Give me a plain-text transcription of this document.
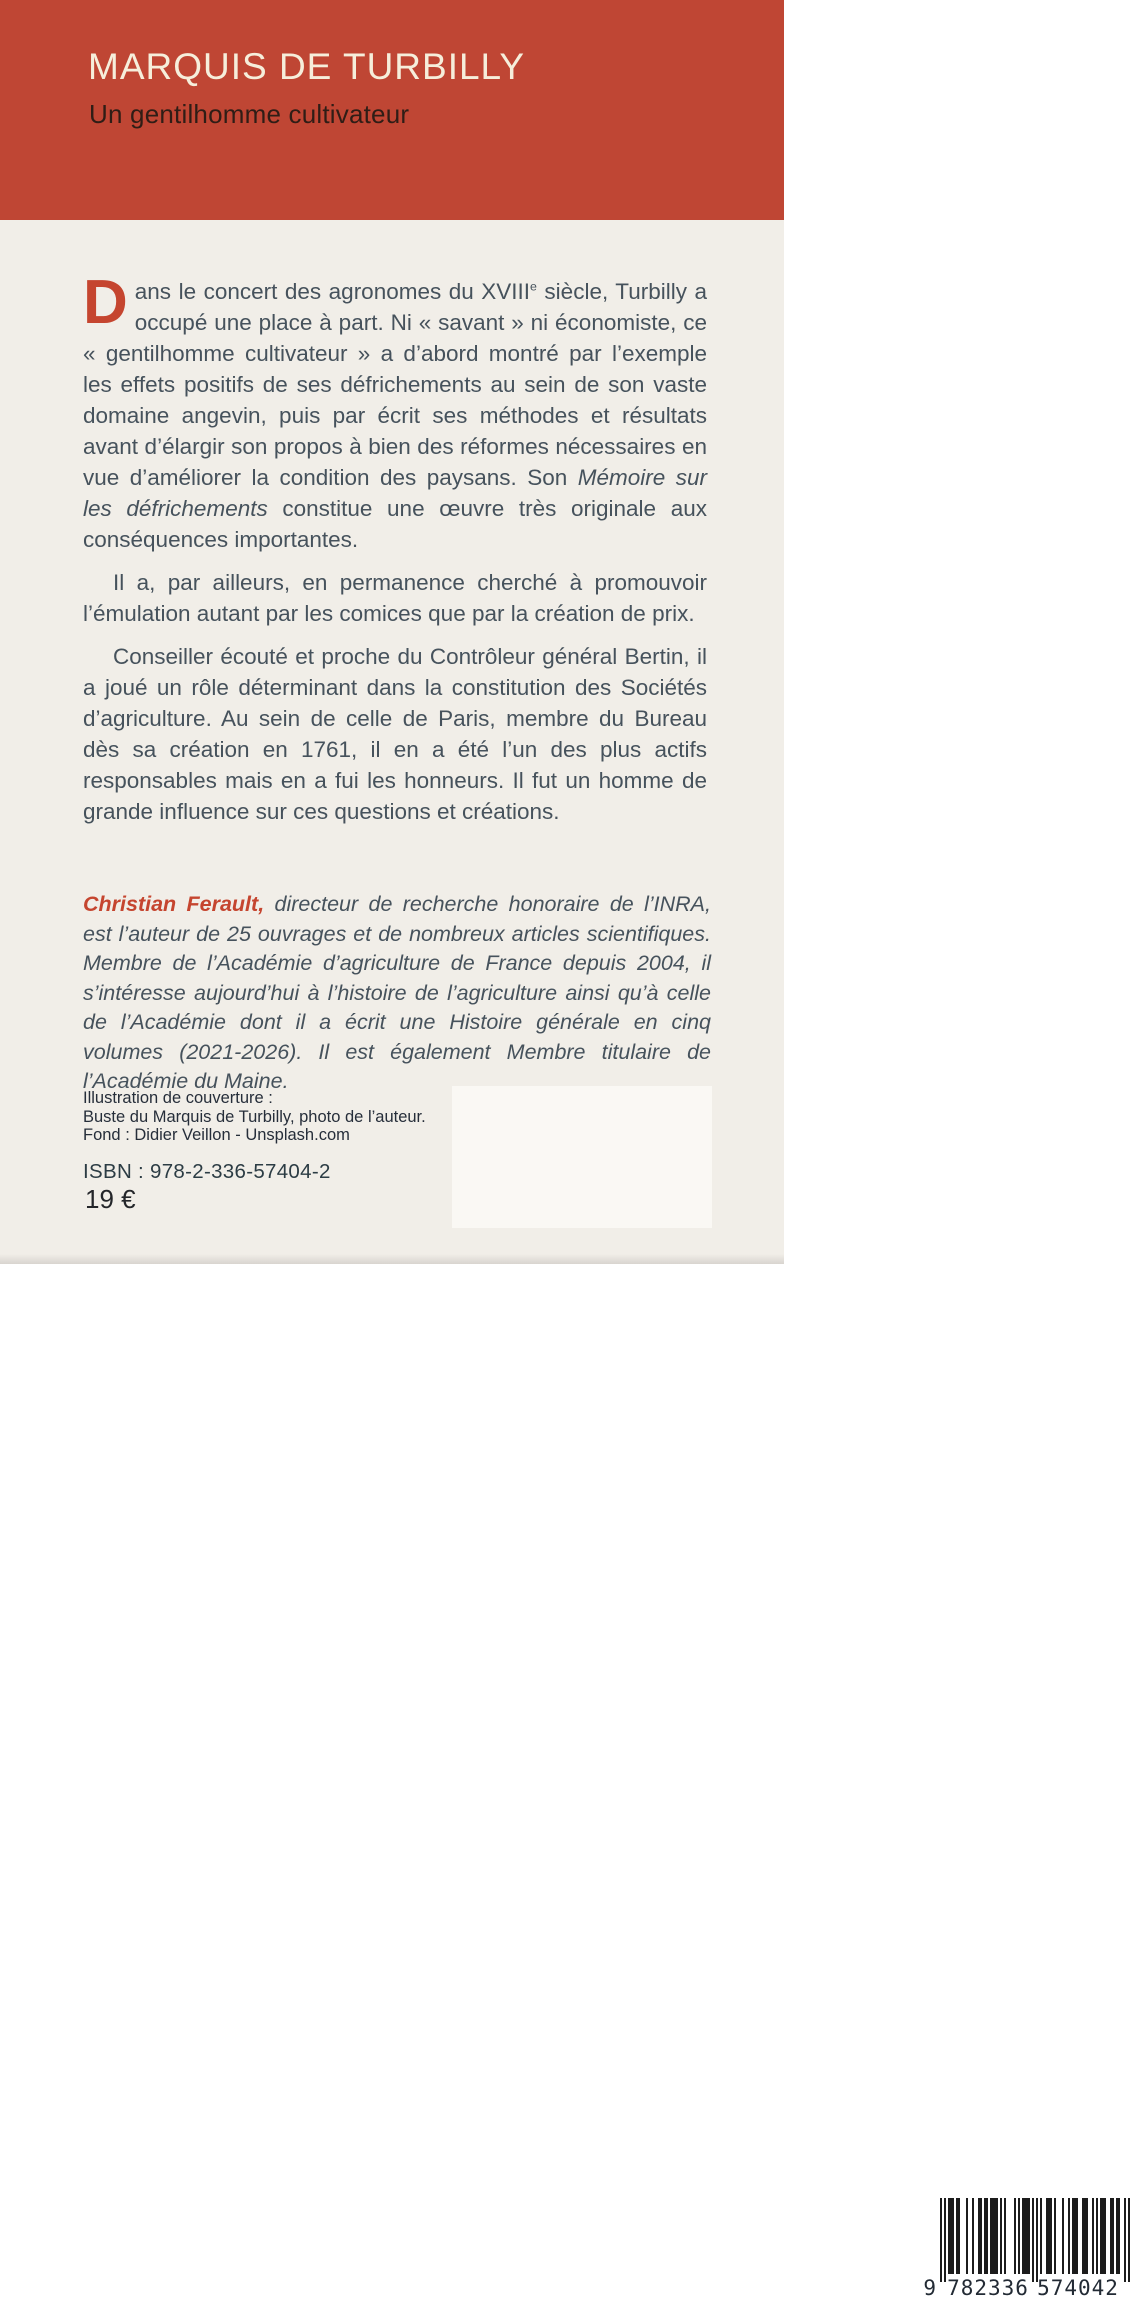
MARQUIS DE TURBILLY
Un gentilhomme cultivateur

Dans le concert des agronomes du XVIIIe siècle, Turbilly a occupé une place à part. Ni « savant » ni économiste, ce « gentilhomme cultivateur » a d’abord montré par l’exemple les effets positifs de ses défrichements au sein de son vaste domaine angevin, puis par écrit ses méthodes et résultats avant d’élargir son propos à bien des réformes nécessaires en vue d’améliorer la condition des paysans. Son Mémoire sur les défrichements constitue une œuvre très originale aux conséquences importantes.

Il a, par ailleurs, en permanence cherché à promouvoir l’émulation autant par les comices que par la création de prix.

Conseiller écouté et proche du Contrôleur général Bertin, il a joué un rôle déterminant dans la constitution des Sociétés d’agriculture. Au sein de celle de Paris, membre du Bureau dès sa création en 1761, il en a été l’un des plus actifs responsables mais en a fui les honneurs. Il fut un homme de grande influence sur ces questions et créations.

Christian Ferault, directeur de recherche honoraire de l’INRA, est l’auteur de 25 ouvrages et de nombreux articles scientifiques. Membre de l’Académie d’agriculture de France depuis 2004, il s’intéresse aujourd’hui à l’histoire de l’agriculture ainsi qu’à celle de l’Académie dont il a écrit une Histoire générale en cinq volumes (2021-2026). Il est également Membre titulaire de l’Académie du Maine.
Illustration de couverture :
Buste du Marquis de Turbilly, photo de l’auteur.
Fond : Didier Veillon - Unsplash.com
ISBN : 978-2-336-57404-2
19 €
9 782336 574042
